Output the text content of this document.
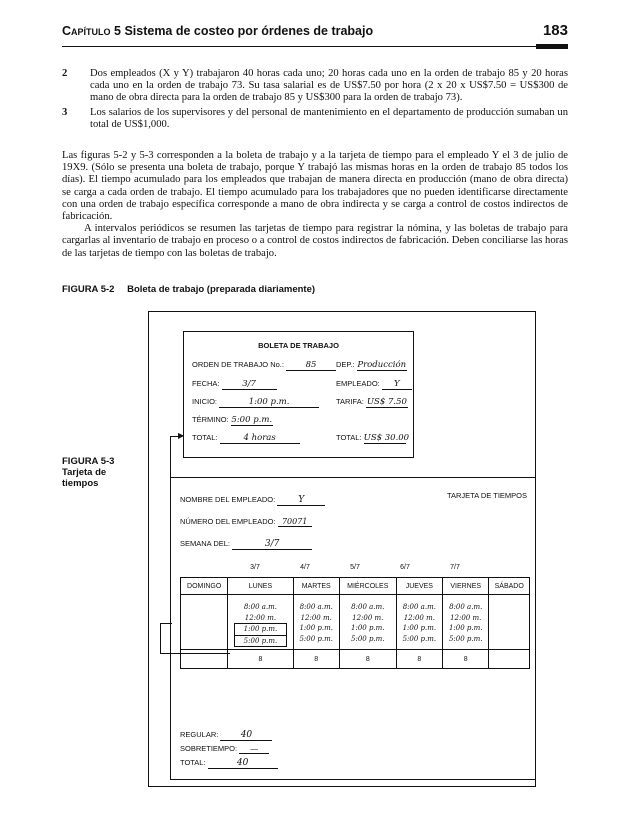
Capítulo 5 Sistema de costeo por órdenes de trabajo	183
2 Dos empleados (X y Y) trabajaron 40 horas cada uno; 20 horas cada uno en la orden de trabajo 85 y 20 horas cada uno en la orden de trabajo 73. Su tasa salarial es de US$7.50 por hora (2 x 20 x US$7.50 = US$300 de mano de obra directa para la orden de trabajo 85 y US$300 para la orden de trabajo 73).
3 Los salarios de los supervisores y del personal de mantenimiento en el departamento de producción sumaban un total de US$1,000.

Las figuras 5-2 y 5-3 corresponden a la boleta de trabajo y a la tarjeta de tiempo para el empleado Y el 3 de julio de 19X9. (Sólo se presenta una boleta de trabajo, porque Y trabajó las mismas horas en la orden de trabajo 85 todos los días). El tiempo acumulado para los empleados que trabajan de manera directa en producción (mano de obra directa) se carga a cada orden de trabajo. El tiempo acumulado para los trabajadores que no pueden identificarse directamente con una orden de trabajo específica corresponde a mano de obra indirecta y se carga a control de costos indirectos de fabricación.

A intervalos periódicos se resumen las tarjetas de tiempo para registrar la nómina, y las boletas de trabajo para cargarlas al inventario de trabajo en proceso o a control de costos indirectos de fabricación. Deben conciliarse las horas de las tarjetas de tiempo con las boletas de trabajo.

FIGURA 5-2 Boleta de trabajo (preparada diariamente)
FIGURA 5-3
Tarjeta de
tiempos
BOLETA DE TRABAJO
ORDEN DE TRABAJO No.:	85	DEP.: Producción
FECHA:	3/7	EMPLEADO: Y
INICIO:	1:00 p.m.	TARIFA: US$ 7.50
TÉRMINO: 5:00 p.m.
TOTAL:	4 horas	TOTAL: US$ 30.00
▶
TARJETA DE TIEMPOS
NOMBRE DEL EMPLEADO:	Y
NÚMERO DEL EMPLEADO: 70071
SEMANA DEL:	3/7
3/7	4/7	5/7	6/7	7/7
DOMINGO	LUNES	MARTES	MIÉRCOLES	JUEVES	VIERNES	SÁBADO

	8:00 a.m.
12:00 m.
1:00 p.m.
5:00 p.m.	8:00 a.m.
12:00 m.
1:00 p.m.
5:00 p.m.	8:00 a.m.
12:00 m.
1:00 p.m.
5:00 p.m.	8:00 a.m.
12:00 m.
1:00 p.m.
5:00 p.m.	8:00 a.m.
12:00 m.
1:00 p.m.
5:00 p.m.	

	8	8	8	8	8	
REGULAR: 40
SOBRETIEMPO: —
TOTAL:	40
